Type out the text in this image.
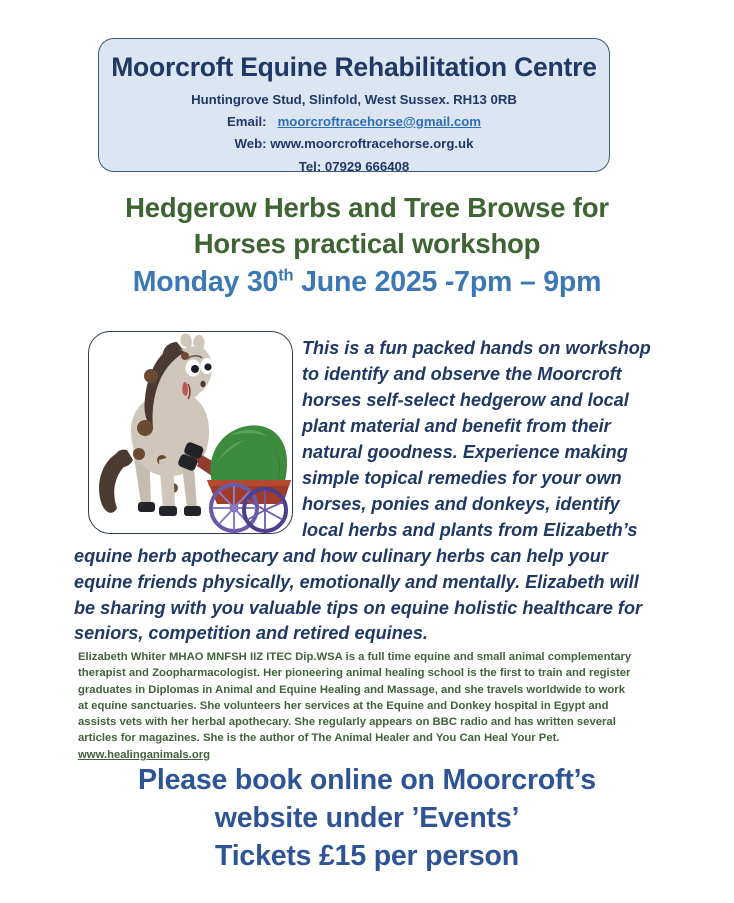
Moorcroft Equine Rehabilitation Centre
Huntingrove Stud, Slinfold, West Sussex. RH13 0RB
Email: moorcroftracehorse@gmail.com
Web: www.moorcroftracehorse.org.uk
Tel: 07929 666408
Hedgerow Herbs and Tree Browse for
Horses practical workshop
Monday 30th June 2025 -7pm – 9pm
This is a fun packed hands on workshop to identify and observe the Moorcroft horses self-select hedgerow and local plant material and benefit from their natural goodness. Experience making simple topical remedies for your own horses, ponies and donkeys, identify local herbs and plants from Elizabeth’s equine herb apothecary and how culinary herbs can help your equine friends physically, emotionally and mentally. Elizabeth will be sharing with you valuable tips on equine holistic healthcare for seniors, competition and retired equines.
Elizabeth Whiter MHAO MNFSH IIZ ITEC Dip.WSA is a full time equine and small animal complementary therapist and Zoopharmacologist. Her pioneering animal healing school is the first to train and register graduates in Diplomas in Animal and Equine Healing and Massage, and she travels worldwide to work at equine sanctuaries. She volunteers her services at the Equine and Donkey hospital in Egypt and assists vets with her herbal apothecary. She regularly appears on BBC radio and has written several articles for magazines. She is the author of The Animal Healer and You Can Heal Your Pet. www.healinganimals.org
Please book online on Moorcroft’s
website under ’Events’
Tickets £15 per person
